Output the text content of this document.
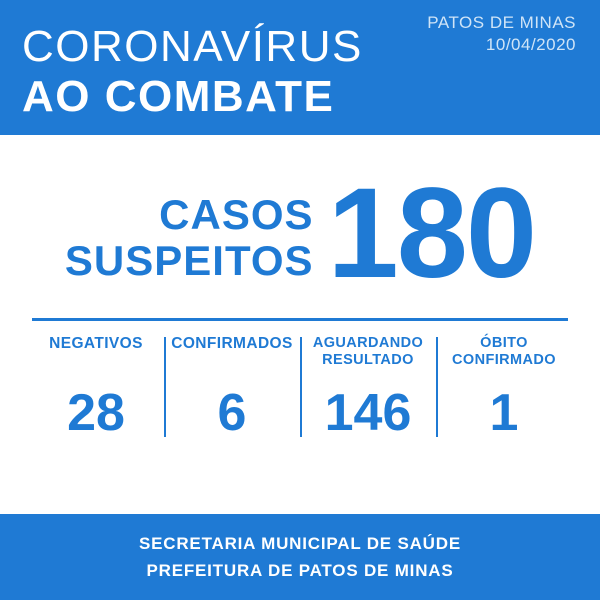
PATOS DE MINAS
10/04/2020
CORONAVÍRUS
AO COMBATE
CASOS
SUSPEITOS 180
NEGATIVOS
28
CONFIRMADOS
6
AGUARDANDO
RESULTADO
146
ÓBITO
CONFIRMADO
1
SECRETARIA MUNICIPAL DE SAÚDE
PREFEITURA DE PATOS DE MINAS
